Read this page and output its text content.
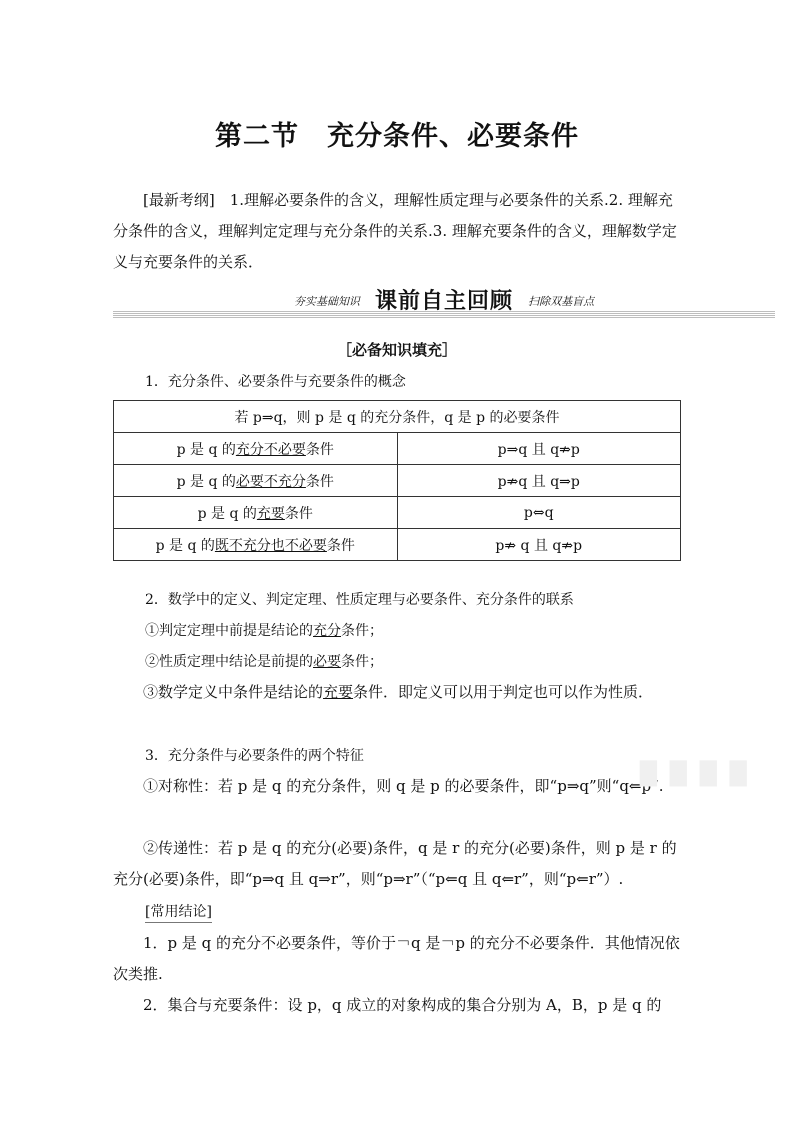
第二节　充分条件、必要条件
[最新考纲]　1.理解必要条件的含义，理解性质定理与必要条件的关系.2. 理解充分条件的含义，理解判定定理与充分条件的关系.3. 理解充要条件的含义，理解数学定义与充要条件的关系．
夯实基础知识 课前自主回顾 扫除双基盲点
［必备知识填充］
1．充分条件、必要条件与充要条件的概念
若 p⇒q，则 p 是 q 的充分条件，q 是 p 的必要条件	
p 是 q 的充分不必要条件	p⇒q 且 q⇏p
p 是 q 的必要不充分条件	p⇏q 且 q⇒p
p 是 q 的充要条件	p⇔q
p 是 q 的既不充分也不必要条件	p⇏ q 且 q⇏p
2．数学中的定义、判定定理、性质定理与必要条件、充分条件的联系
①判定定理中前提是结论的充分条件；
②性质定理中结论是前提的必要条件；
③数学定义中条件是结论的充要条件．即定义可以用于判定也可以作为性质．
3．充分条件与必要条件的两个特征
①对称性：若 p 是 q 的充分条件，则 q 是 p 的必要条件，即“p⇒q”则“q⇐p”.
②传递性：若 p 是 q 的充分(必要)条件，q 是 r 的充分(必要)条件，则 p 是 r 的充分(必要)条件，即“p⇒q 且 q⇒r”，则“p⇒r”（“p⇐q 且 q⇐r”，则“p⇐r”）.
[常用结论]
1．p 是 q 的充分不必要条件，等价于￢q 是￢p 的充分不必要条件．其他情况依次类推.
2．集合与充要条件：设 p，q 成立的对象构成的集合分别为 A，B，p 是 q 的
█ █ █ █
